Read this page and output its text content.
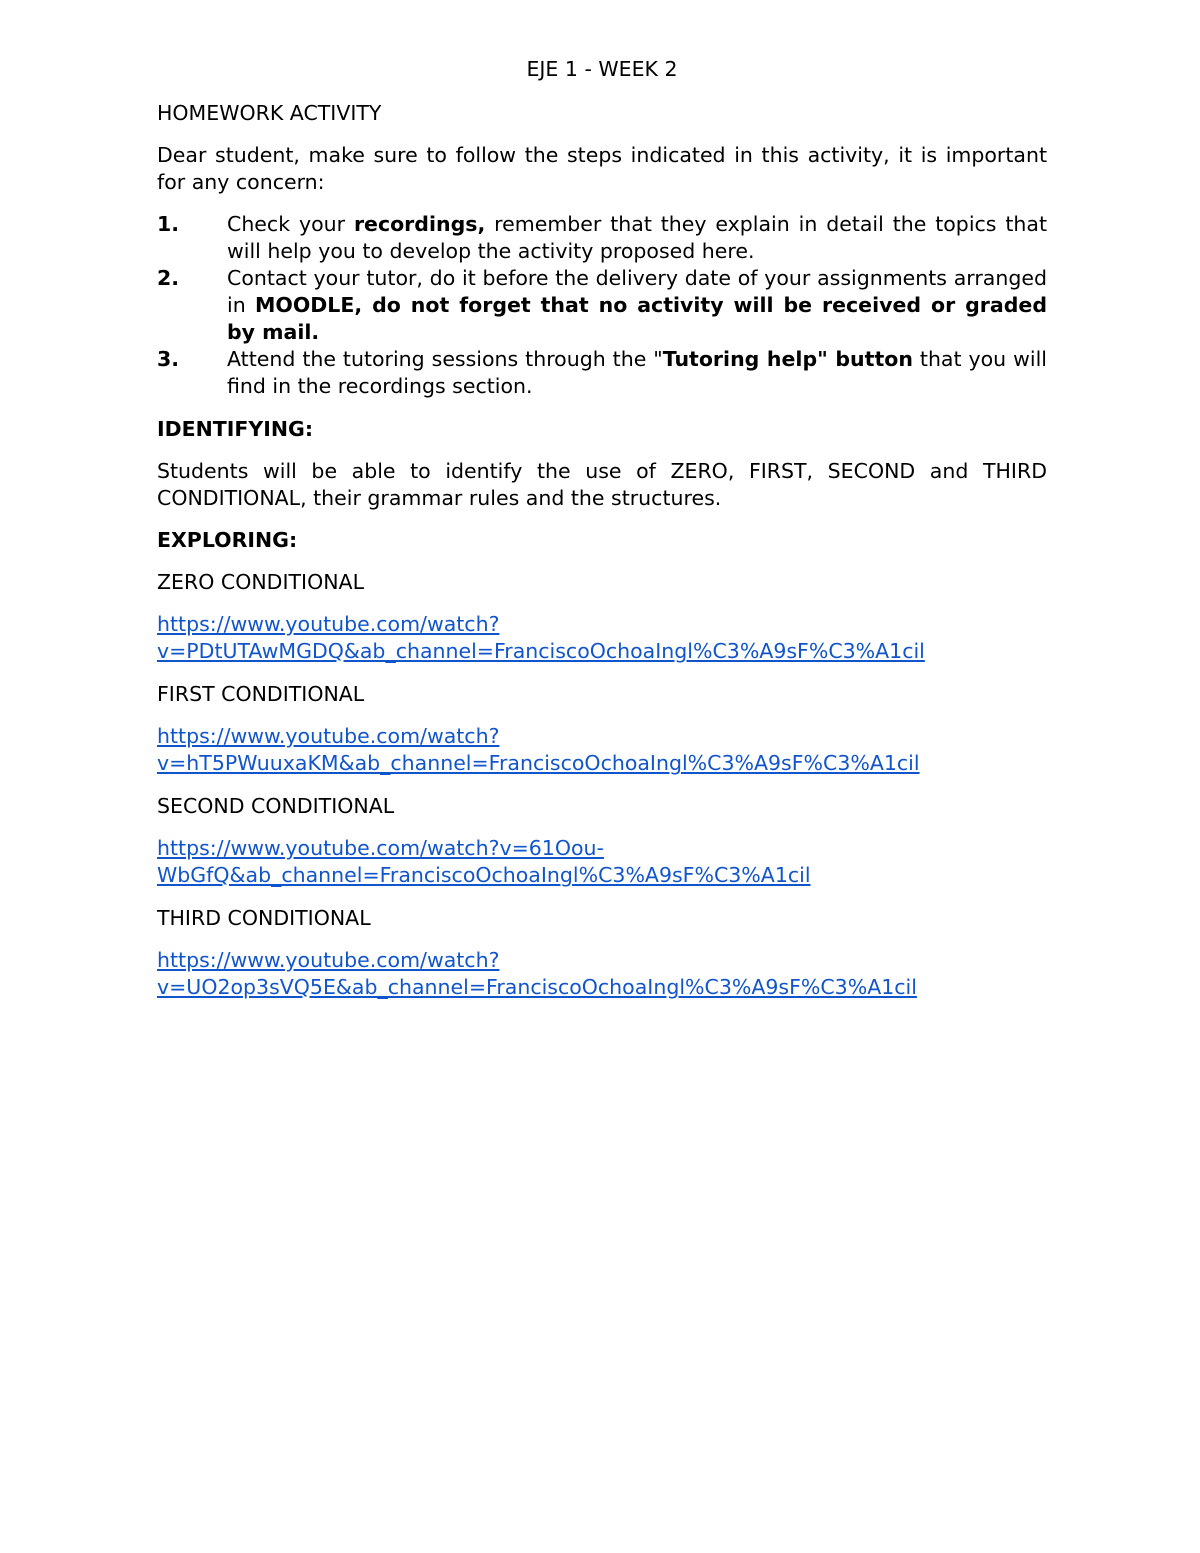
EJE 1 - WEEK 2
HOMEWORK ACTIVITY
Dear student, make sure to follow the steps indicated in this activity, it is important for any concern:
1. Check your recordings, remember that they explain in detail the topics that will help you to develop the activity proposed here.
2. Contact your tutor, do it before the delivery date of your assignments arranged in MOODLE, do not forget that no activity will be received or graded by mail.
3. Attend the tutoring sessions through the "Tutoring help" button that you will find in the recordings section.
IDENTIFYING:
Students will be able to identify the use of ZERO, FIRST, SECOND and THIRD CONDITIONAL, their grammar rules and the structures.
EXPLORING:
ZERO CONDITIONAL
https://www.youtube.com/watch?
v=PDtUTAwMGDQ&ab_channel=FranciscoOchoaIngl%C3%A9sF%C3%A1cil
FIRST CONDITIONAL
https://www.youtube.com/watch?
v=hT5PWuuxaKM&ab_channel=FranciscoOchoaIngl%C3%A9sF%C3%A1cil
SECOND CONDITIONAL
https://www.youtube.com/watch?v=61Oou-
WbGfQ&ab_channel=FranciscoOchoaIngl%C3%A9sF%C3%A1cil
THIRD CONDITIONAL
https://www.youtube.com/watch?
v=UO2op3sVQ5E&ab_channel=FranciscoOchoaIngl%C3%A9sF%C3%A1cil
